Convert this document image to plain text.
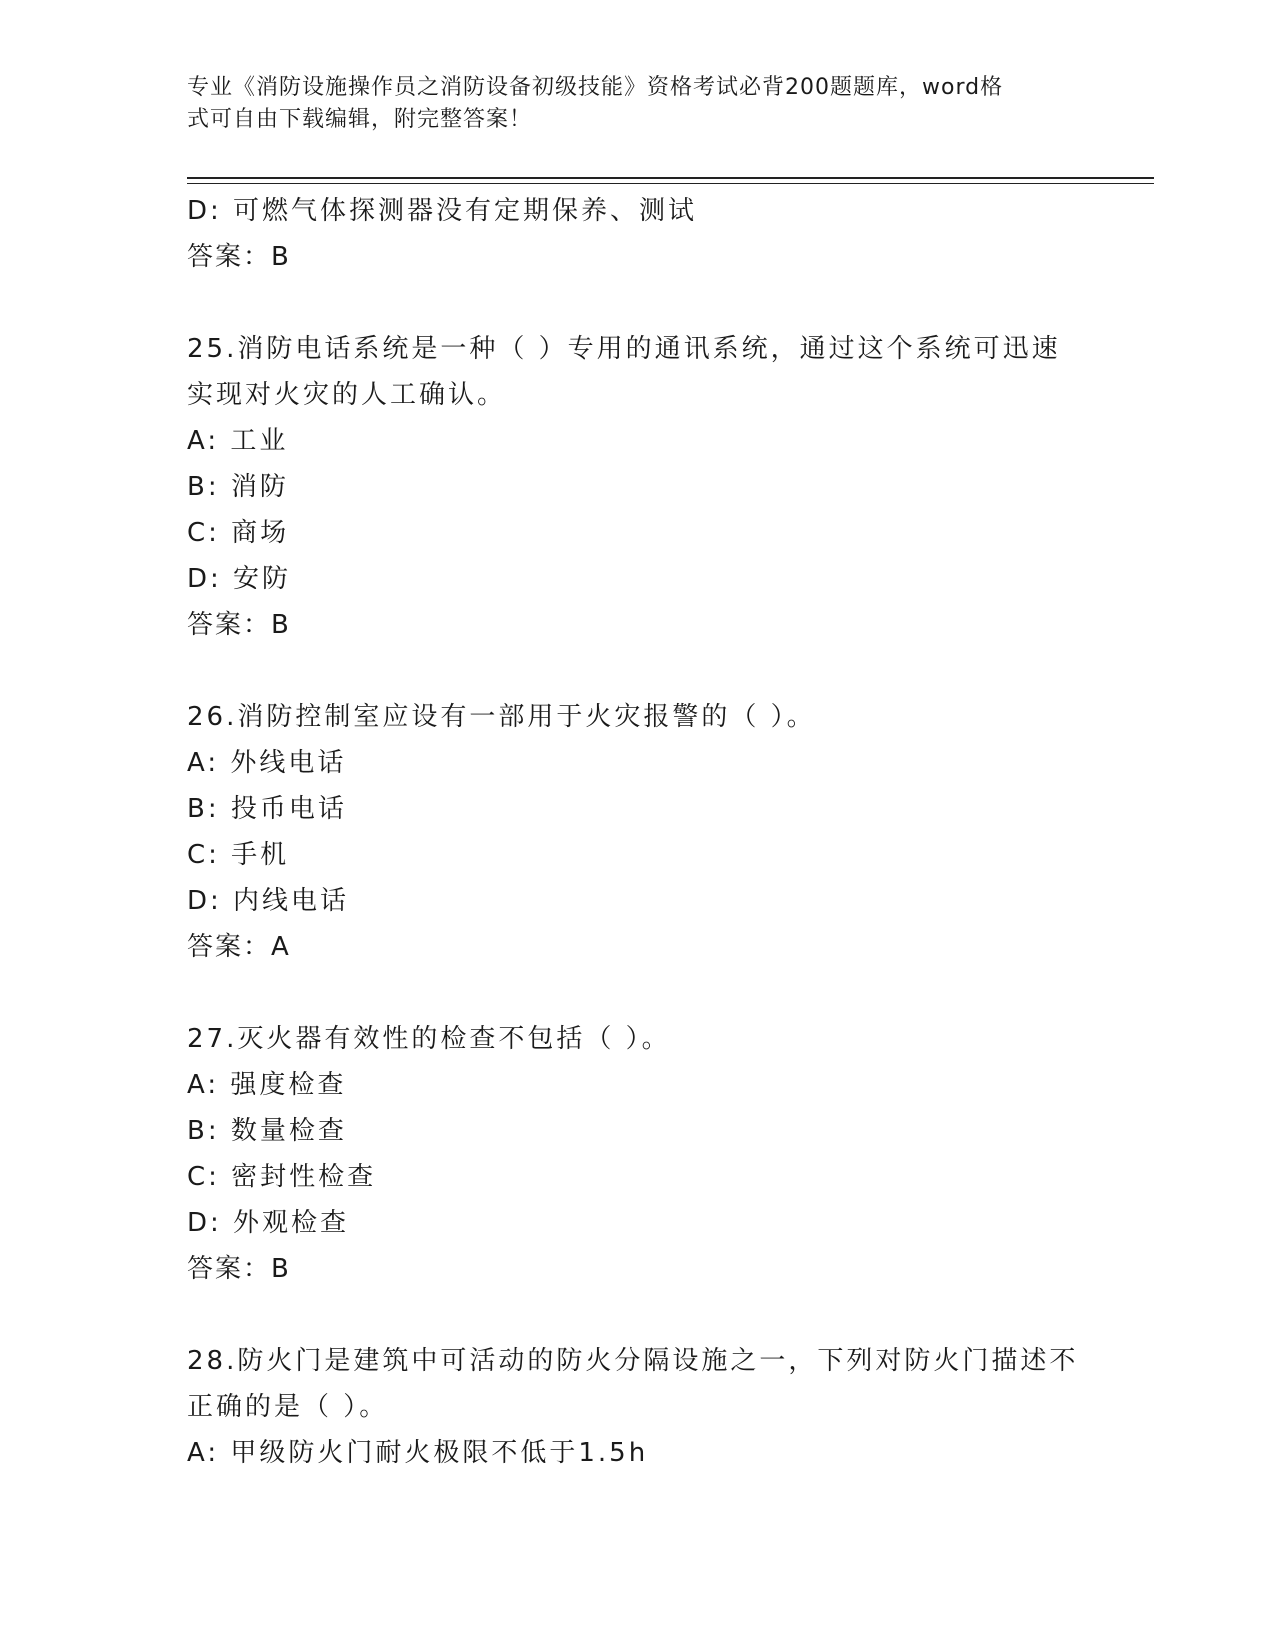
专业《消防设施操作员之消防设备初级技能》资格考试必背200题题库，word格
式可自由下载编辑，附完整答案！
D: 可燃气体探测器没有定期保养、测试
答案：B
25.消防电话系统是一种（ ）专用的通讯系统，通过这个系统可迅速
实现对火灾的人工确认。
A: 工业
B: 消防
C: 商场
D: 安防
答案：B
26.消防控制室应设有一部用于火灾报警的（ ）。
A: 外线电话
B: 投币电话
C: 手机
D: 内线电话
答案：A
27.灭火器有效性的检查不包括（ ）。
A: 强度检查
B: 数量检查
C: 密封性检查
D: 外观检查
答案：B
28.防火门是建筑中可活动的防火分隔设施之一，下列对防火门描述不
正确的是（ ）。
A: 甲级防火门耐火极限不低于1.5h
